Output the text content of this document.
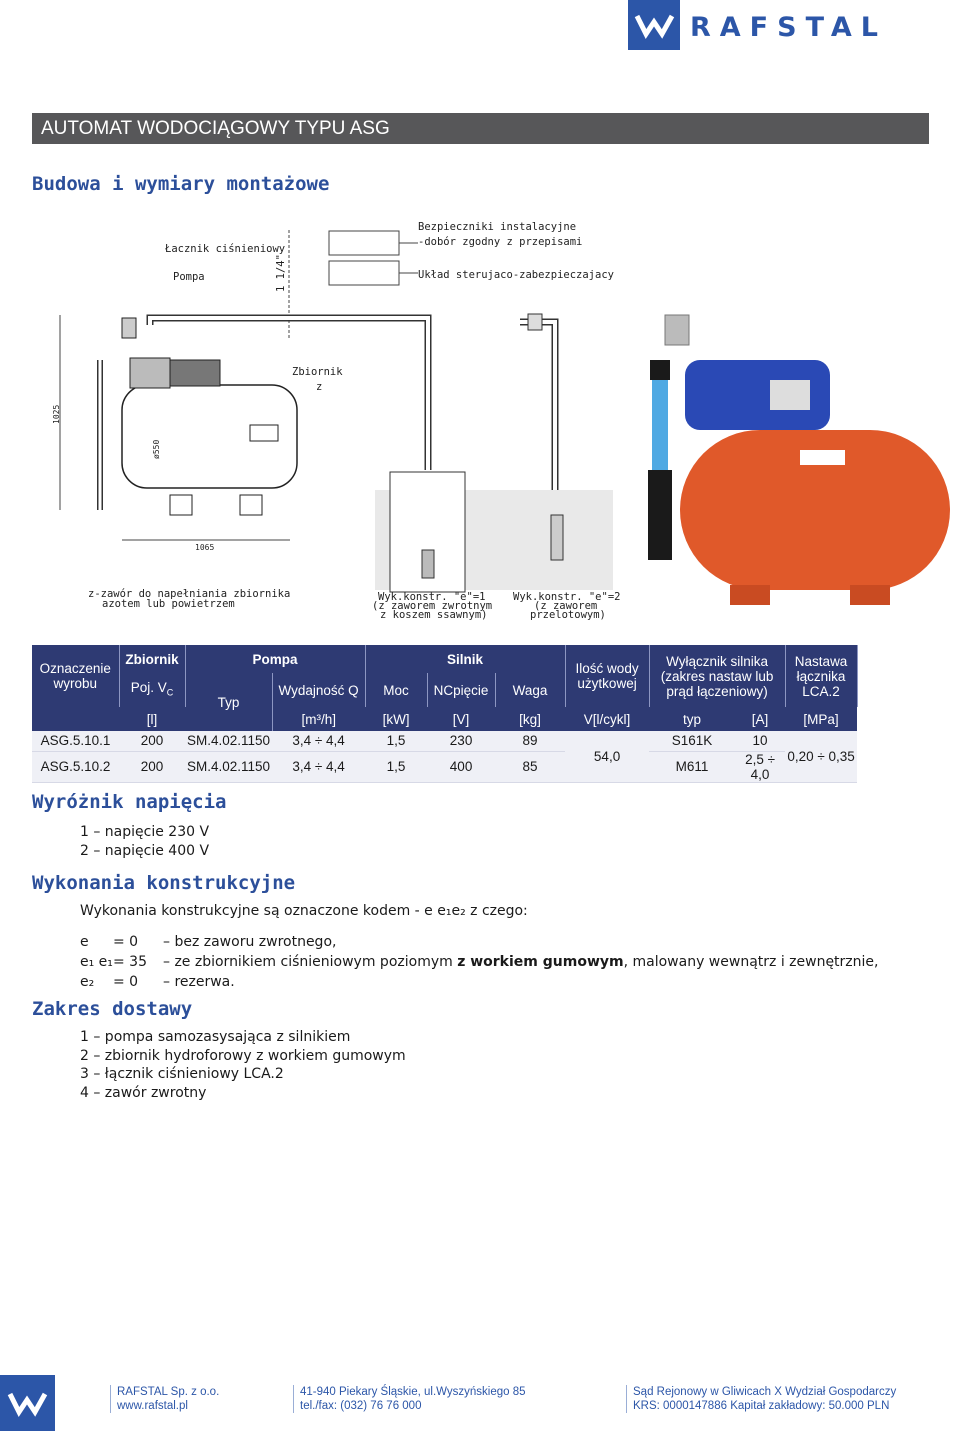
RAFSTAL
AUTOMAT WODOCIĄGOWY TYPU ASG
Budowa i wymiary montażowe
Bezpieczniki instalacyjne
-dobór zgodny z przepisami
Układ sterujaco-zabezpieczajacy
Łacznik ciśnieniowy
Pompa	1 1/4"
Zbiornik
z
1025
ø550
1065
z-zawór do napełniania zbiornika
azotem lub powietrzem
Wyk.konstr. "e"=1
(z zaworem zwrotnym
z koszem ssawnym)
Wyk.konstr. "e"=2
(z zaworem
przelotowym)
Oznaczenie wyrobu	Zbiornik	Pompa		Silnik			Ilość wody użytkowej	Wyłącznik silnika (zakres nastaw lub prąd łączeniowy)		Nastawa łącznika LCA.2
	Poj. $V_C$	Typ	Wydajność Q	Moc	NCpięcie	Waga				
	[l]		[m³/h]	[kW]	[V]	[kg]	V[l/cykl]	typ	[A]	[MPa]
ASG.5.10.1	200	SM.4.02.1150	3,4 ÷ 4,4	1,5	230	89	54,0	S161K	10	0,20 ÷ 0,35
ASG.5.10.2	200	SM.4.02.1150	3,4 ÷ 4,4	1,5	400	85		M611	2,5 ÷ 4,0	
Wyróżnik napięcia
1 – napięcie 230 V
2 – napięcie 400 V
Wykonania konstrukcyjne
Wykonania konstrukcyjne są oznaczone kodem - e e₁e₂ z czego:
e = 0 – bez zaworu zwrotnego,
e₁ e₁= 35 – ze zbiornikiem ciśnieniowym poziomym z workiem gumowym, malowany wewnątrz i zewnętrznie,
e₂ = 0 – rezerwa.
Zakres dostawy
1 – pompa samozasysająca z silnikiem
2 – zbiornik hydroforowy z workiem gumowym
3 – łącznik ciśnieniowy LCA.2
4 – zawór zwrotny
RAFSTAL Sp. z o.o.
www.rafstal.pl
41-940 Piekary Śląskie, ul.Wyszyńskiego 85
tel./fax: (032) 76 76 000
Sąd Rejonowy w Gliwicach X Wydział Gospodarczy
KRS: 0000147886 Kapitał zakładowy: 50.000 PLN
